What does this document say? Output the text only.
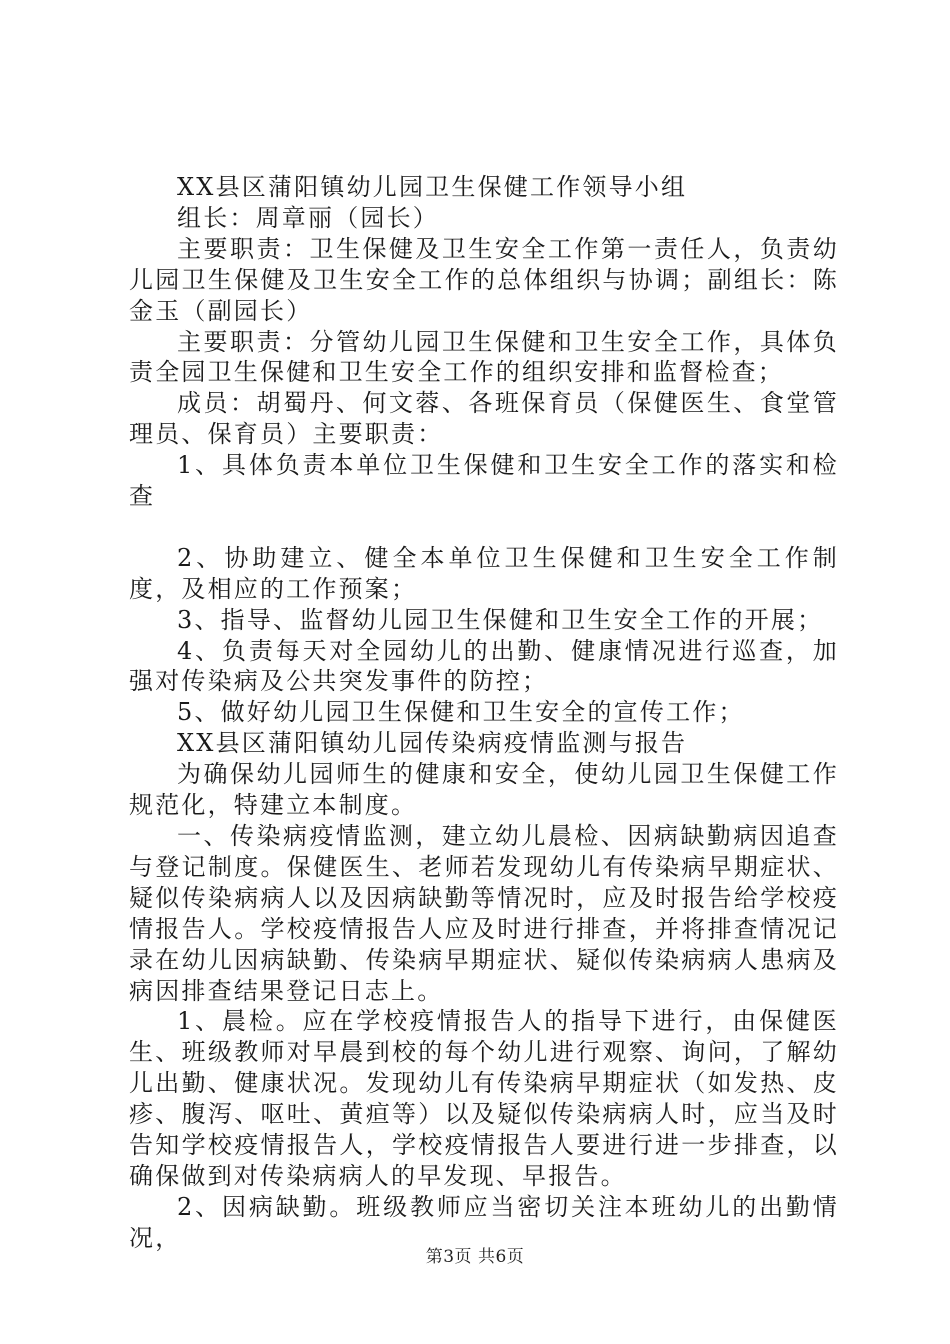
XX县区蒲阳镇幼儿园卫生保健工作领导小组

组长：周章丽（园长）

主要职责：卫生保健及卫生安全工作第一责任人，负责幼儿园卫生保健及卫生安全工作的总体组织与协调；副组长：陈金玉（副园长）

主要职责：分管幼儿园卫生保健和卫生安全工作，具体负责全园卫生保健和卫生安全工作的组织安排和监督检查；

成员：胡蜀丹、何文蓉、各班保育员（保健医生、食堂管理员、保育员）主要职责：

1、具体负责本单位卫生保健和卫生安全工作的落实和检查

2、协助建立、健全本单位卫生保健和卫生安全工作制度，及相应的工作预案；

3、指导、监督幼儿园卫生保健和卫生安全工作的开展；

4、负责每天对全园幼儿的出勤、健康情况进行巡查，加强对传染病及公共突发事件的防控；

5、做好幼儿园卫生保健和卫生安全的宣传工作；

XX县区蒲阳镇幼儿园传染病疫情监测与报告

为确保幼儿园师生的健康和安全，使幼儿园卫生保健工作规范化，特建立本制度。

一、传染病疫情监测，建立幼儿晨检、因病缺勤病因追查与登记制度。保健医生、老师若发现幼儿有传染病早期症状、疑似传染病病人以及因病缺勤等情况时，应及时报告给学校疫情报告人。学校疫情报告人应及时进行排查，并将排查情况记录在幼儿因病缺勤、传染病早期症状、疑似传染病病人患病及病因排查结果登记日志上。

1、晨检。应在学校疫情报告人的指导下进行，由保健医生、班级教师对早晨到校的每个幼儿进行观察、询问，了解幼儿出勤、健康状况。发现幼儿有传染病早期症状（如发热、皮疹、腹泻、呕吐、黄疸等）以及疑似传染病病人时，应当及时告知学校疫情报告人，学校疫情报告人要进行进一步排查，以确保做到对传染病病人的早发现、早报告。

2、因病缺勤。班级教师应当密切关注本班幼儿的出勤情况，

第3页 共6页
